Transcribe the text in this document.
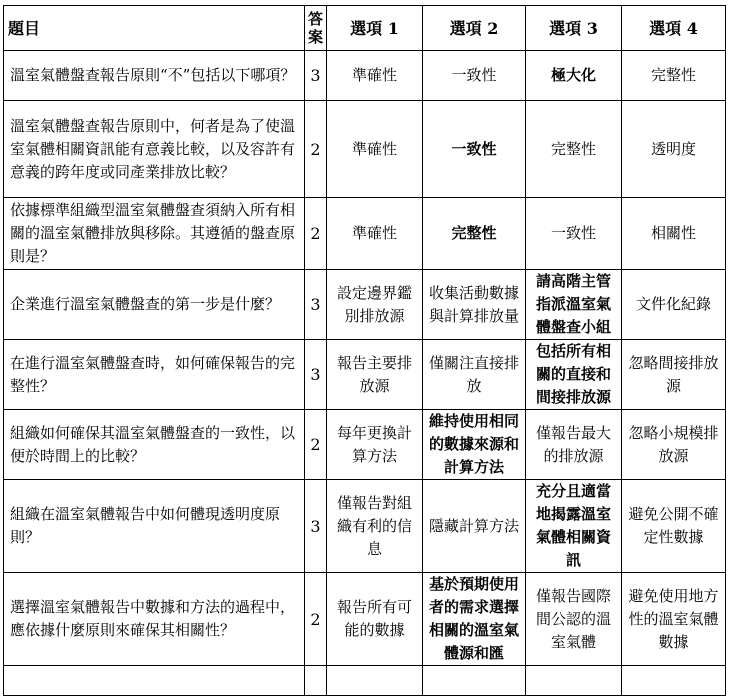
題目	答案	選項 1	選項 2	選項 3	選項 4
溫室氣體盤查報告原則“不”包括以下哪項？	3	準確性	一致性	極大化	完整性
溫室氣體盤查報告原則中，何者是為了使溫室氣體相關資訊能有意義比較，以及容許有意義的跨年度或同產業排放比較？	2	準確性	一致性	完整性	透明度
依據標準組織型溫室氣體盤查須納入所有相關的溫室氣體排放與移除。其遵循的盤查原則是？	2	準確性	完整性	一致性	相關性
企業進行溫室氣體盤查的第一步是什麼？	3	設定邊界鑑別排放源	收集活動數據與計算排放量	請高階主管指派溫室氣體盤查小組	文件化紀錄
在進行溫室氣體盤查時，如何確保報告的完整性？	3	報告主要排放源	僅關注直接排放	包括所有相關的直接和間接排放源	忽略間接排放源
組織如何確保其溫室氣體盤查的一致性，以便於時間上的比較？	2	每年更換計算方法	維持使用相同的數據來源和計算方法	僅報告最大的排放源	忽略小規模排放源
組織在溫室氣體報告中如何體現透明度原則？	3	僅報告對組織有利的信息	隱藏計算方法	充分且適當地揭露溫室氣體相關資訊	避免公開不確定性數據
選擇溫室氣體報告中數據和方法的過程中，應依據什麼原則來確保其相關性？	2	報告所有可能的數據	基於預期使用者的需求選擇相關的溫室氣體源和匯	僅報告國際間公認的溫室氣體	避免使用地方性的溫室氣體數據
